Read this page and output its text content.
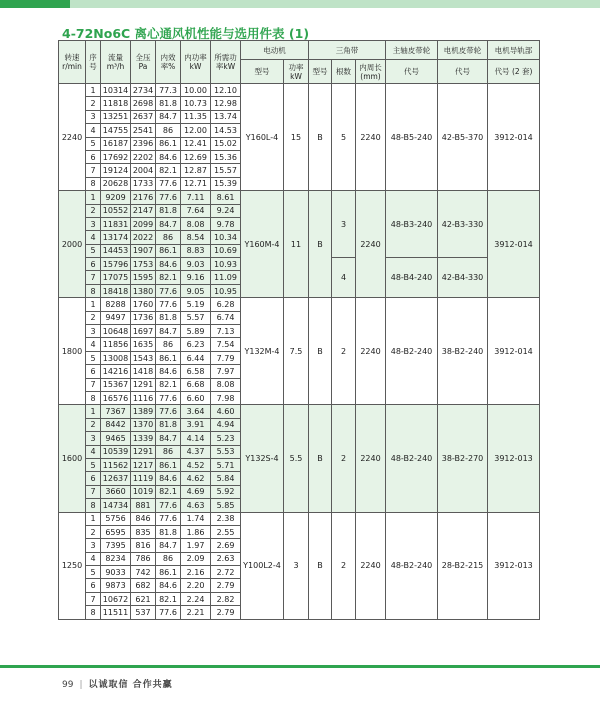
4-72No6C 离心通风机性能与选用件表 (1)
转速 r/min	序号	流量 m³/h	全压 Pa	内效 率%	内功率 kW	所需功 率kW	电动机		三角带			主轴皮带轮	电机皮带轮	电机导轨部
							型号	功率 kW	型号	根数	内周长 (mm)	代号	代号	代号 (2 套)
2240	1	10314	2734	77.3	10.00	12.10	Y160L-4	15	B	5	2240	48-B5-240	42-B5-370	3912-014
	2	11818	2698	81.8	10.73	12.98								
	3	13251	2637	84.7	11.35	13.74								
	4	14755	2541	86	12.00	14.53								
	5	16187	2396	86.1	12.41	15.02								
	6	17692	2202	84.6	12.69	15.36								
	7	19124	2004	82.1	12.87	15.57								
	8	20628	1733	77.6	12.71	15.39								
2000	1	9209	2176	77.6	7.11	8.61	Y160M-4	11	B	3	2240	48-B3-240	42-B3-330	3912-014
	2	10552	2147	81.8	7.64	9.24								
	3	11831	2099	84.7	8.08	9.78								
	4	13174	2022	86	8.54	10.34								
	5	14453	1907	86.1	8.83	10.69								
	6	15796	1753	84.6	9.03	10.93				4		48-B4-240	42-B4-330	
	7	17075	1595	82.1	9.16	11.09								
	8	18418	1380	77.6	9.05	10.95								
1800	1	8288	1760	77.6	5.19	6.28	Y132M-4	7.5	B	2	2240	48-B2-240	38-B2-240	3912-014
	2	9497	1736	81.8	5.57	6.74								
	3	10648	1697	84.7	5.89	7.13								
	4	11856	1635	86	6.23	7.54								
	5	13008	1543	86.1	6.44	7.79								
	6	14216	1418	84.6	6.58	7.97								
	7	15367	1291	82.1	6.68	8.08								
	8	16576	1116	77.6	6.60	7.98								
1600	1	7367	1389	77.6	3.64	4.60	Y132S-4	5.5	B	2	2240	48-B2-240	38-B2-270	3912-013
	2	8442	1370	81.8	3.91	4.94								
	3	9465	1339	84.7	4.14	5.23								
	4	10539	1291	86	4.37	5.53								
	5	11562	1217	86.1	4.52	5.71								
	6	12637	1119	84.6	4.62	5.84								
	7	3660	1019	82.1	4.69	5.92								
	8	14734	881	77.6	4.63	5.85								
1250	1	5756	846	77.6	1.74	2.38	Y100L2-4	3	B	2	2240	48-B2-240	28-B2-215	3912-013
	2	6595	835	81.8	1.86	2.55								
	3	7395	816	84.7	1.97	2.69								
	4	8234	786	86	2.09	2.63								
	5	9033	742	86.1	2.16	2.72								
	6	9873	682	84.6	2.20	2.79								
	7	10672	621	82.1	2.24	2.82								
	8	11511	537	77.6	2.21	2.79								
99 | 以诚取信 合作共赢
